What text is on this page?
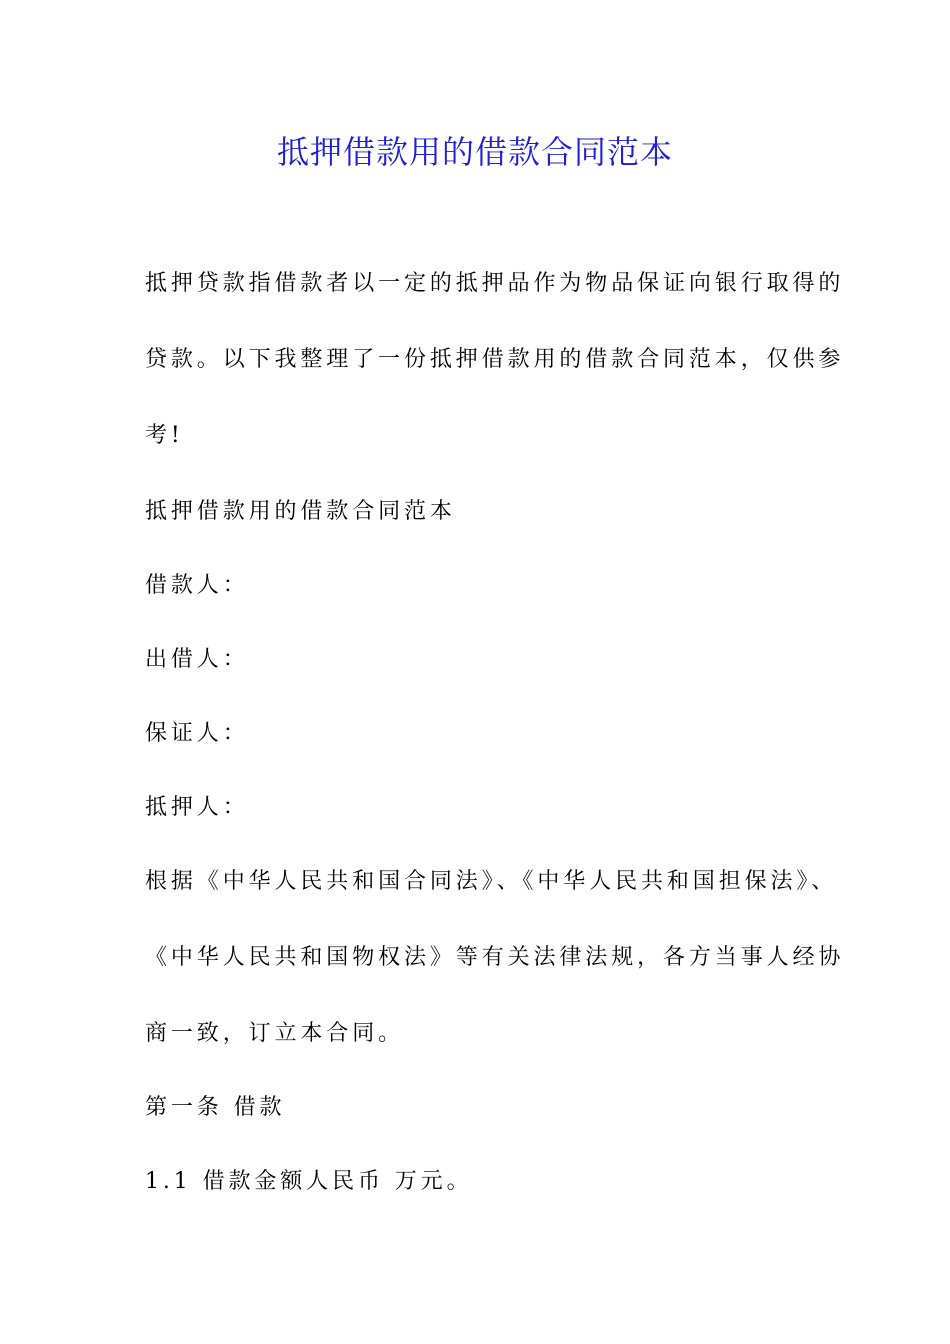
抵押借款用的借款合同范本
抵押贷款指借款者以一定的抵押品作为物品保证向银行取得的
贷款。以下我整理了一份抵押借款用的借款合同范本，仅供参
考!
抵押借款用的借款合同范本
借款人：
出借人：
保证人：
抵押人：
根据《中华人民共和国合同法》、《中华人民共和国担保法》、
《中华人民共和国物权法》等有关法律法规，各方当事人经协
商一致，订立本合同。
第一条 借款
1.1 借款金额人民币 万元。
